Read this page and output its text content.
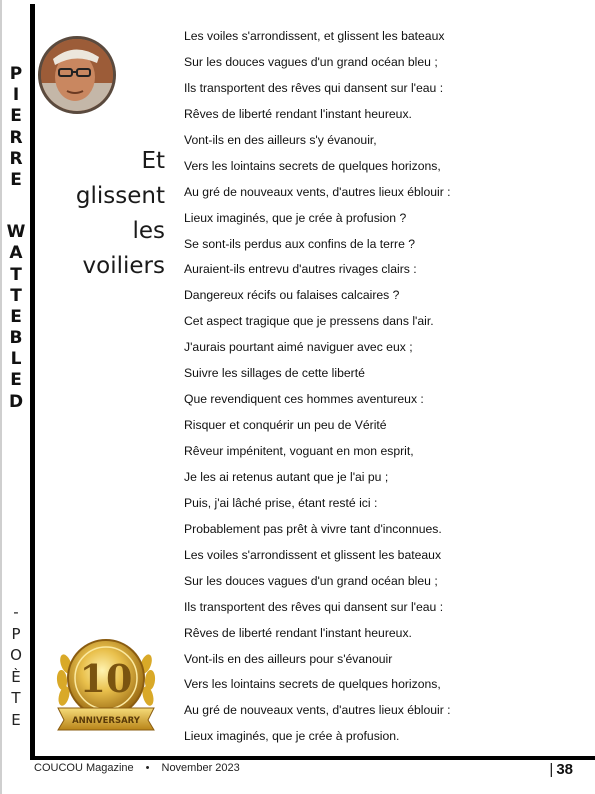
P
I
E
R
R
E
W
A
T
T
E
B
L
E
D
-
P
O
È
T
E
Et
glissent
les
voiliers
Les voiles s'arrondissent, et glissent les bateaux
Sur les douces vagues d'un grand océan bleu ;
Ils transportent des rêves qui dansent sur l'eau :
Rêves de liberté rendant l'instant heureux.
Vont-ils en des ailleurs s'y évanouir,
Vers les lointains secrets de quelques horizons,
Au gré de nouveaux vents, d'autres lieux éblouir :
Lieux imaginés, que je crée à profusion ?
Se sont-ils perdus aux confins de la terre ?
Auraient-ils entrevu d'autres rivages clairs :
Dangereux récifs ou falaises calcaires ?
Cet aspect tragique que je pressens dans l'air.
J'aurais pourtant aimé naviguer avec eux ;
Suivre les sillages de cette liberté
Que revendiquent ces hommes aventureux :
Risquer et conquérir un peu de Vérité
Rêveur impénitent, voguant en mon esprit,
Je les ai retenus autant que je l'ai pu ;
Puis, j'ai lâché prise, étant resté ici :
Probablement pas prêt à vivre tant d'inconnues.
Les voiles s'arrondissent et glissent les bateaux
Sur les douces vagues d'un grand océan bleu ;
Ils transportent des rêves qui dansent sur l'eau :
Rêves de liberté rendant l'instant heureux.
Vont-ils en des ailleurs pour s'évanouir
Vers les lointains secrets de quelques horizons,
Au gré de nouveaux vents, d'autres lieux éblouir :
Lieux imaginés, que je crée à profusion.
10
ANNIVERSARY
COUCOU Magazine • November 2023	| 38
